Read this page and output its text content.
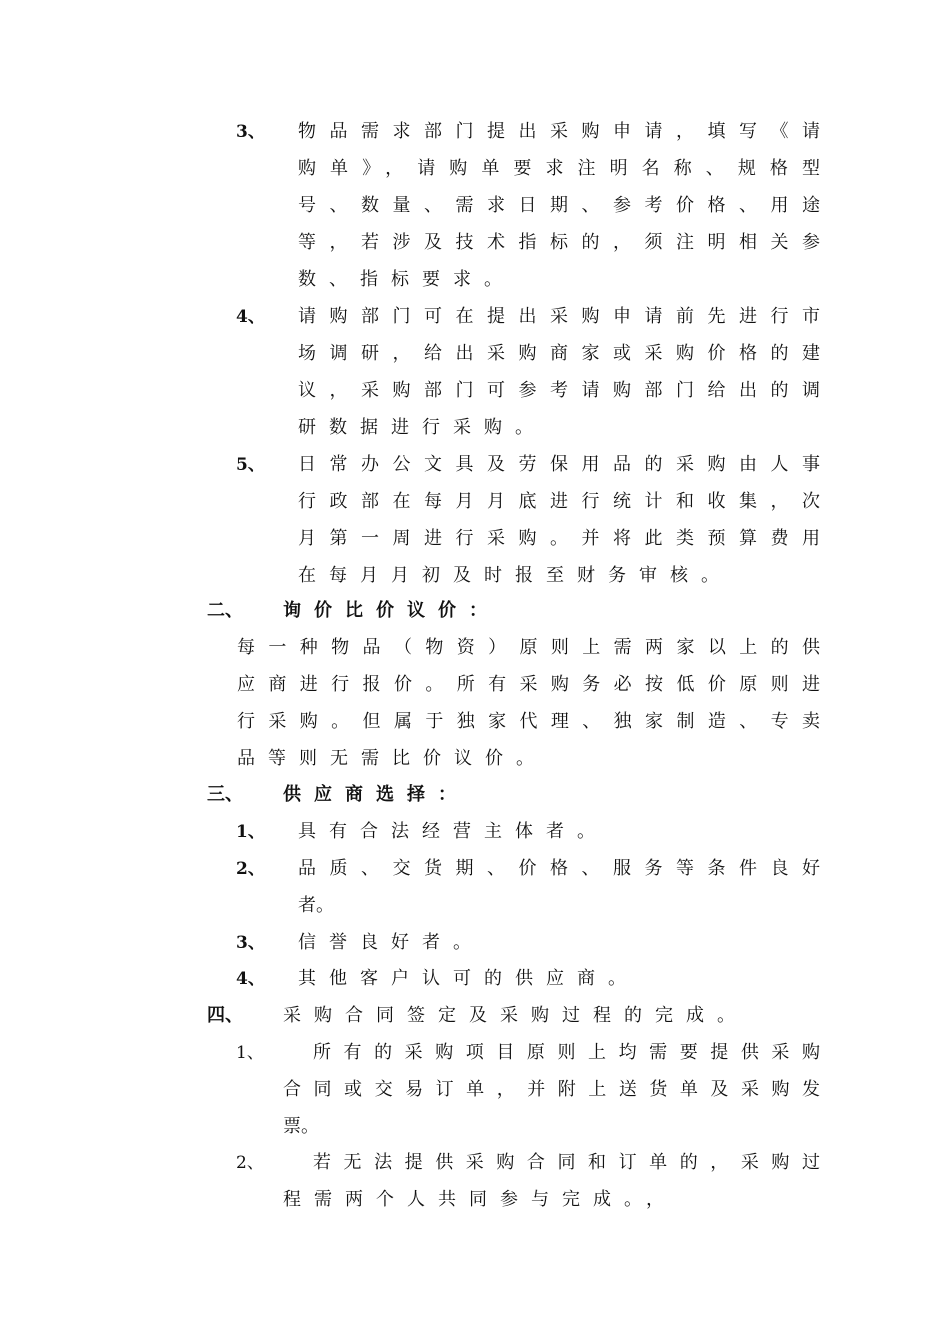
3、 物品需求部门提出采购申请，填写《请
购单》，请购单要求注明名称、规格型
号、数量、需求日期、参考价格、用途
等，若涉及技术指标的，须注明相关参
数、指标要求。
4、 请购部门可在提出采购申请前先进行市
场调研，给出采购商家或采购价格的建
议，采购部门可参考请购部门给出的调
研数据进行采购。
5、 日常办公文具及劳保用品的采购由人事
行政部在每月月底进行统计和收集，次
月第一周进行采购。并将此类预算费用
在每月月初及时报至财务审核。
二、 询价比价议价：
每一种物品（物资）原则上需两家以上的供
应商进行报价。所有采购务必按低价原则进
行采购。但属于独家代理、独家制造、专卖
品等则无需比价议价。
三、 供应商选择：
1、 具有合法经营主体者。
2、 品质、交货期、价格、服务等条件良好
者。
3、 信誉良好者。
4、 其他客户认可的供应商。
四、 采购合同签定及采购过程的完成。
1、	所有的采购项目原则上均需要提供采购
合同或交易订单，并附上送货单及采购发
票。
2、	若无法提供采购合同和订单的，采购过
程需两个人共同参与完成。，
